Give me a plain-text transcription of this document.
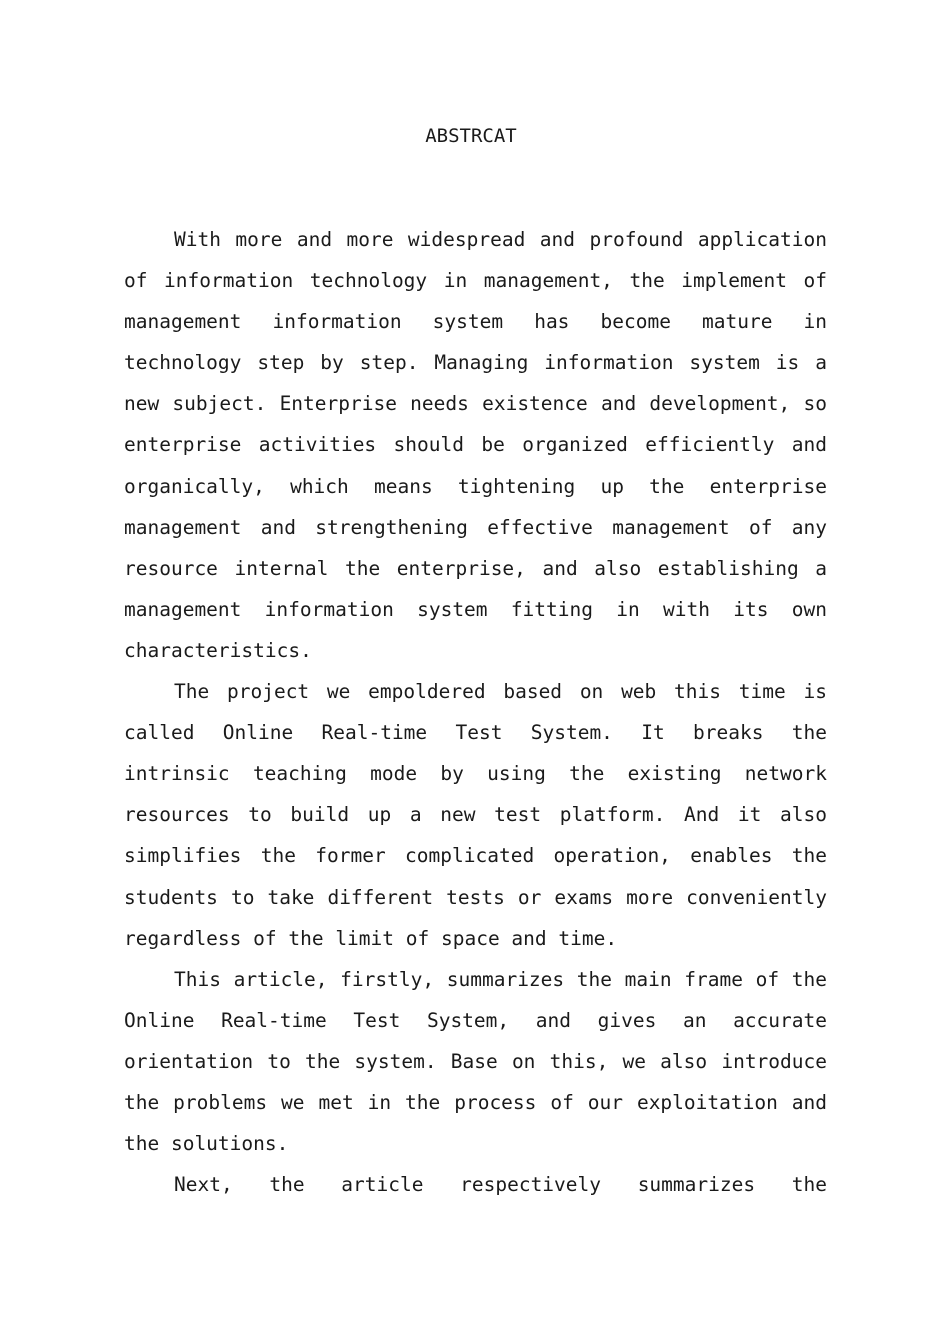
ABSTRCAT

With more and more widespread and profound application of information technology in management, the implement of management information system has become mature in technology step by step. Managing information system is a new subject. Enterprise needs existence and development, so enterprise activities should be organized efficiently and organically, which means tightening up the enterprise management and strengthening effective management of any resource internal the enterprise, and also establishing a management information system fitting in with its own characteristics.

The project we empoldered based on web this time is called Online Real-time Test System. It breaks the intrinsic teaching mode by using the existing network resources to build up a new test platform. And it also simplifies the former complicated operation, enables the students to take different tests or exams more conveniently regardless of the limit of space and time.

This article, firstly, summarizes the main frame of the Online Real-time Test System, and gives an accurate orientation to the system. Base on this, we also introduce the problems we met in the process of our exploitation and the solutions.

Next, the article respectively summarizes the
